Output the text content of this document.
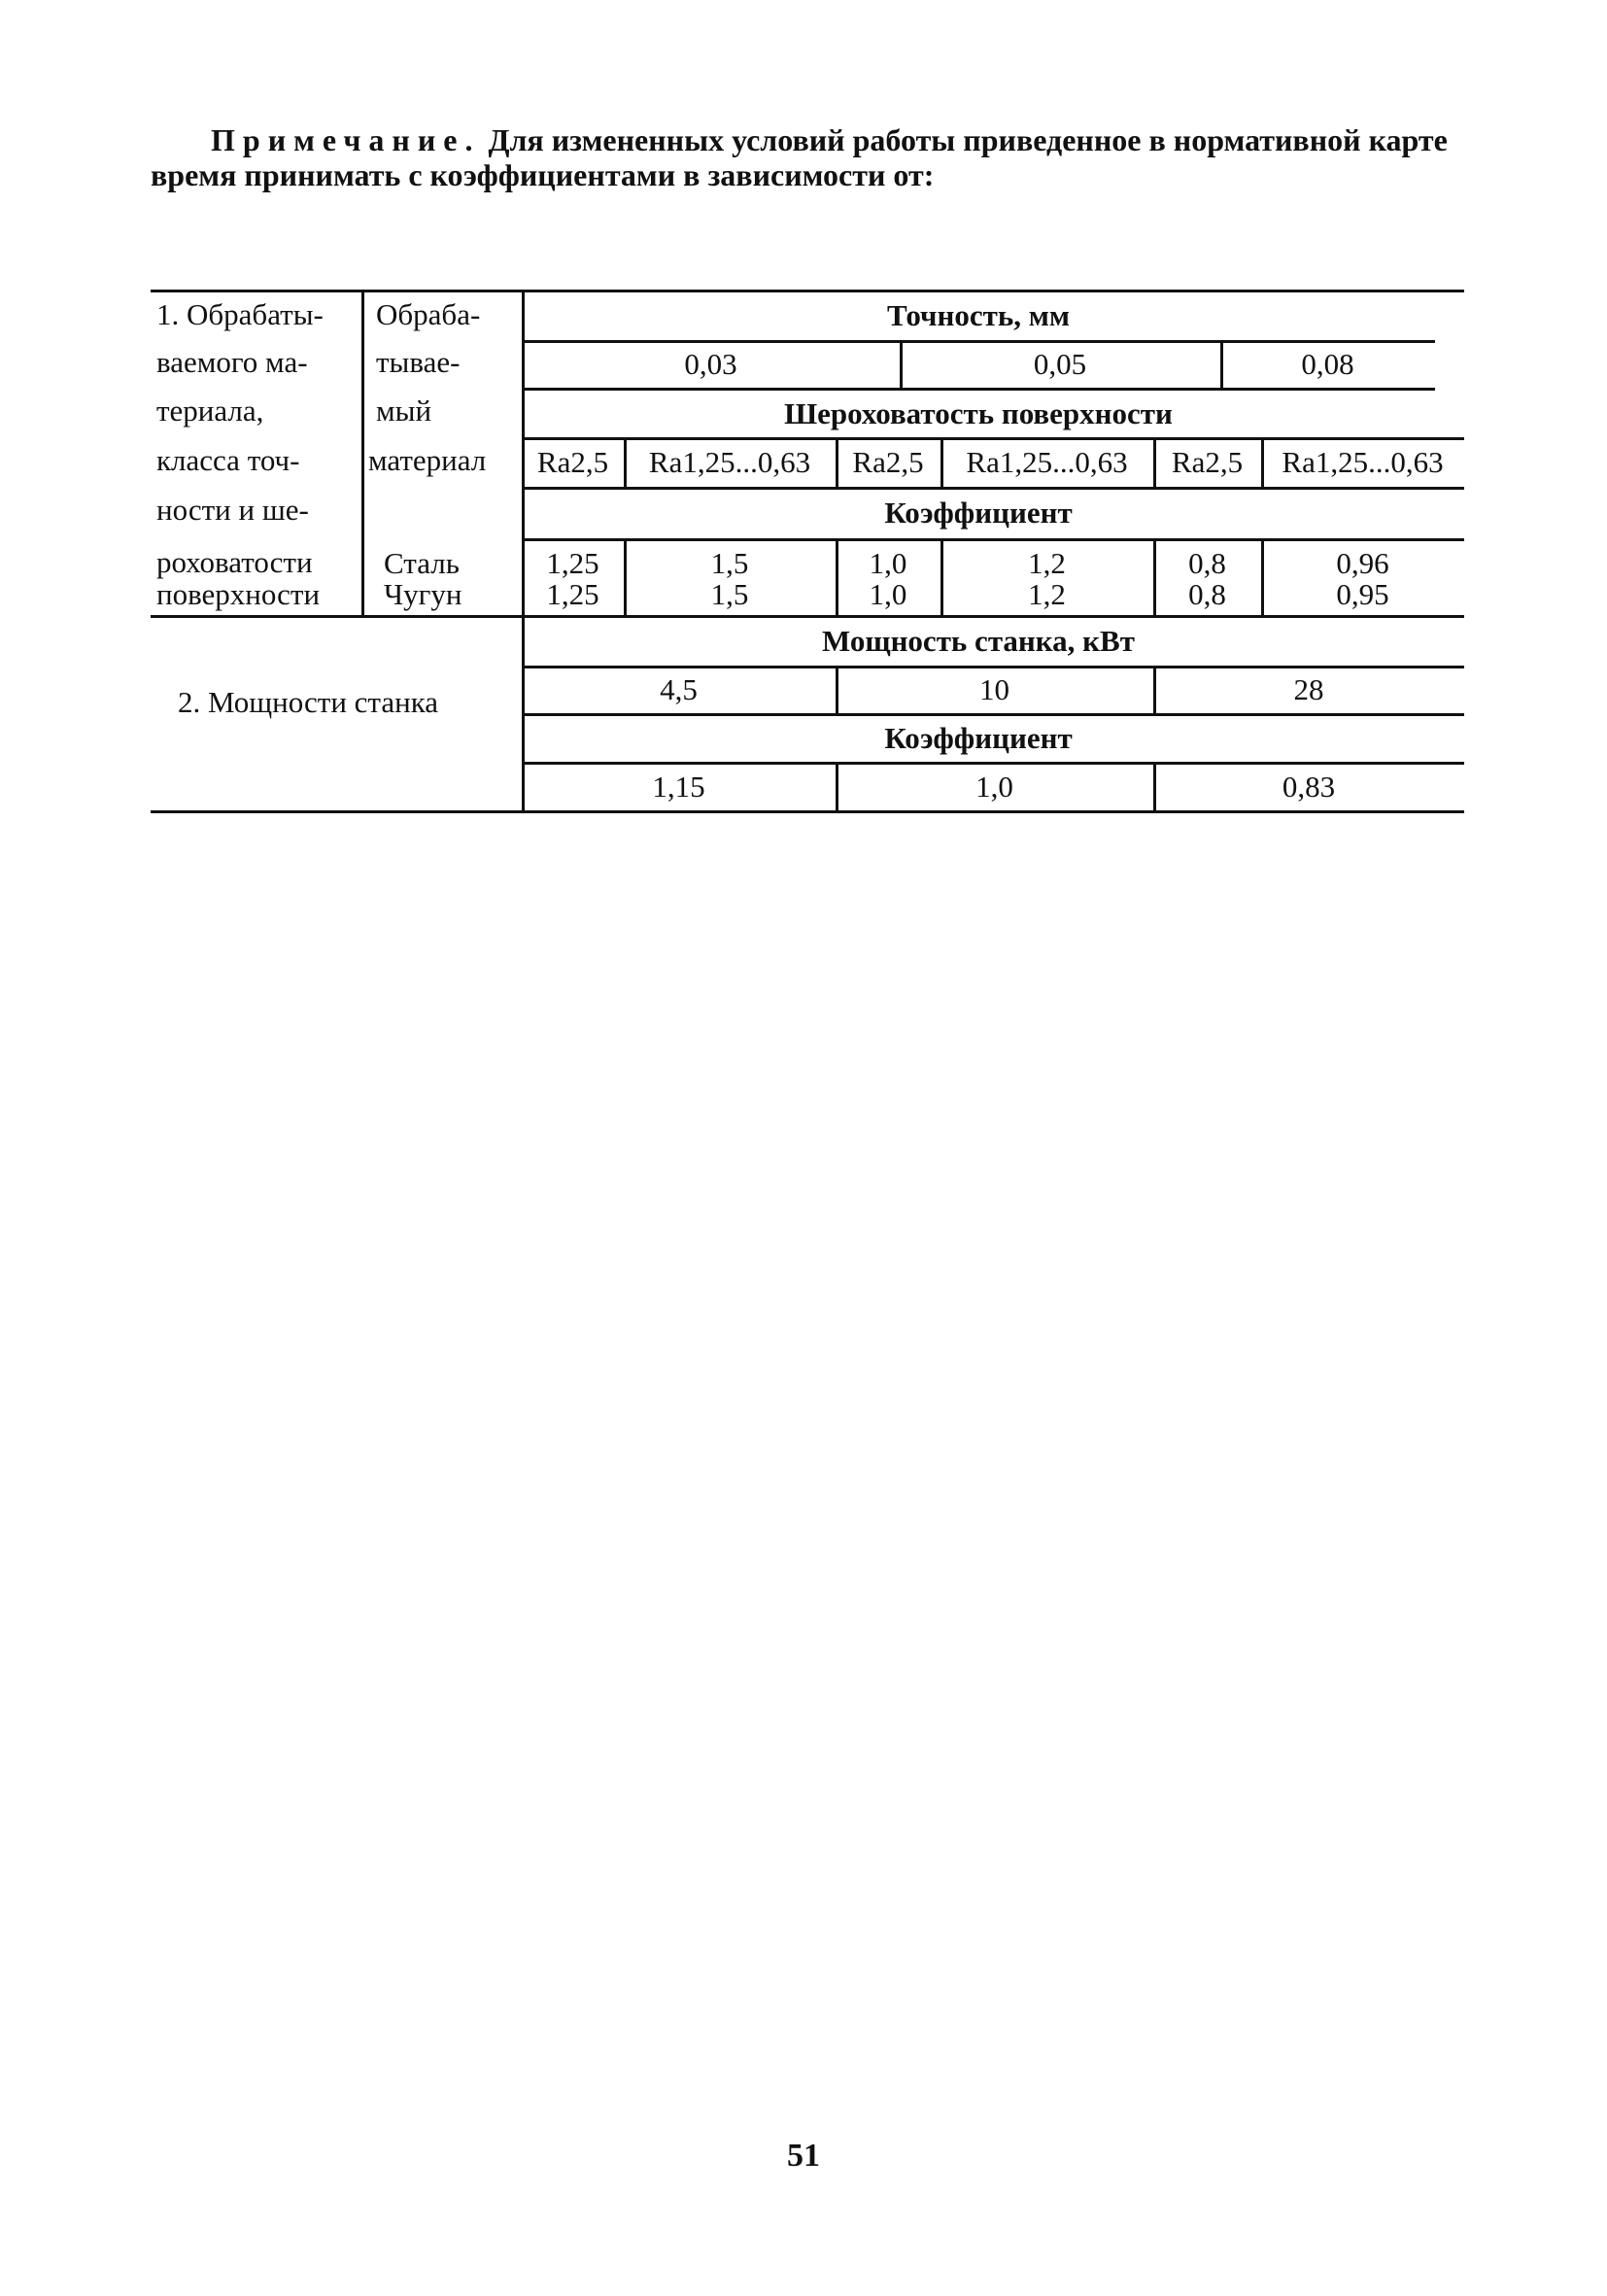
Примечание. Для измененных условий работы приведенное в нормативной карте время принимать с коэффициентами в зависимости от:
1. Обрабаты-
ваемого ма-
териала,
класса точ-
ности и ше-
роховатости
поверхности
Обраба-
тывае-
мый
материал
Точность, мм
0,03	0,05	0,08
Шероховатость поверхности
Ra2,5	Ra1,25...0,63	Ra2,5	Ra1,25...0,63	Ra2,5	Ra1,25...0,63
Коэффициент
Сталь	1,25	1,5	1,0	1,2	0,8	0,96
Чугун	1,25	1,5	1,0	1,2	0,8	0,95
2. Мощности станка
Мощность станка, кВт
4,5	10	28
Коэффициент
1,15	1,0	0,83
51
